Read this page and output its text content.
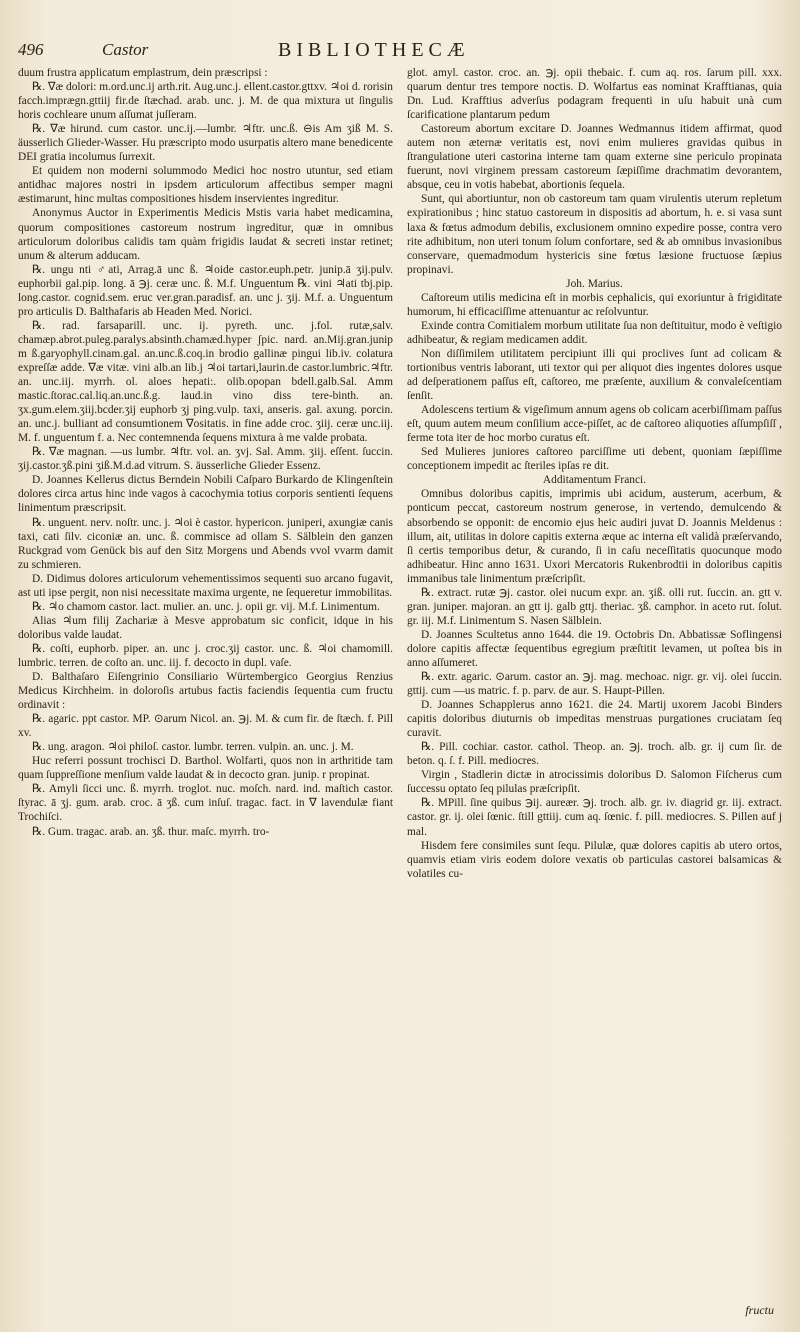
496	Castor	BIBLIOTHECÆ

duum frustra applicatum emplastrum, dein præscripsi :

℞. ∇æ dolori: m.ord.unc.ij arth.rit. Aug.unc.j. ellent.castor.gttxv. ♃oi d. rorisin facch.imprægn.gttiij fir.de ſtæchad. arab. unc. j. M. de qua mixtura ut ſingulis horis cochleare unum aſſumat juſſeram.

℞. ∇æ hirund. cum castor. unc.ij.—lumbr. ♃ftr. unc.ß. ⊖is Am ʒiß M. S. äusserlich Glieder-Wasser. Hu præscripto modo usurpatis altero mane benedicente DEI gratia incolumus ſurrexit.

Et quidem non moderni solummodo Medici hoc nostro utuntur, sed etiam antidhac majores nostri in ipsdem articulorum affectibus semper magni æstimarunt, hinc multas compositiones hisdem inservientes ingreditur.

Anonymus Auctor in Experimentis Medicis Mstis varia habet medicamina, quorum compositiones castoreum nostrum ingreditur, quæ in omnibus articulorum doloribus calidis tam quàm frigidis laudat & secreti instar retinet; unum & alterum adducam.

℞. ungu nti ♂ati, Arrag.ā unc ß. ♃oide castor.euph.petr. junip.ā ʒij.pulv. euphorbii gal.pip. long. ā ℈j. ceræ unc. ß. M.f. Unguentum ℞. vini ♃ati tbj.pip. long.castor. cognid.sem. eruc ver.gran.paradisf. an. unc j. ʒij. M.f. a. Unguentum pro articulis D. Balthafaris ab Headen Med. Norici.

℞. rad. farsaparill. unc. ij. pyreth. unc. j.fol. rutæ,salv. chamæp.abrot.puleg.paralys.absinth.chamæd.hyper ʃpic. nard. an.Mij.gran.junip m ß.garyophyll.cinam.gal. an.unc.ß.coq.in brodio gallinæ pingui lib.iv. colatura expreſſæ adde. ∇æ vitæ. vini alb.an lib.j ♃oi tartari,laurin.de castor.lumbric.♃ftr. an. unc.iij. myrrh. ol. aloes hepati:. olib.opopan bdell.galb.Sal. Amm mastic.ſtorac.cal.liq.an.unc.ß.g. laud.in vino diss tere-binth. an. ʒx.gum.elem.ʒiij.bcder.ʒij euphorb ʒj ping.vulp. taxi, anseris. gal. axung. porcin. an. unc.j. bulliant ad consumtionem ∇ositatis. in fine adde croc. ʒiij. ceræ unc.iij. M. f. unguentum f. a. Nec contemnenda ſequens mixtura à me valde probata.

℞. ∇æ magnan. —us lumbr. ♃ftr. vol. an. ʒvj. Sal. Amm. ʒiij. eſſent. ſuccin. ʒij.castor.ʒß.pini ʒiß.M.d.ad vitrum. S. äusserliche Glieder Essenz.

D. Joannes Kellerus dictus Berndein Nobili Caſparo Burkardo de Klingenſtein dolores circa artus hinc inde vagos à cacochymia totius corporis sentienti ſequens linimentum præscripsit.

℞. unguent. nerv. noſtr. unc. j. ♃oi è castor. hypericon. juniperi, axungiæ canis taxi, cati ſilv. ciconiæ an. unc. ß. commisce ad ollam S. Sälblein den ganzen Ruckgrad vom Genück bis auf den Sitz Morgens und Abends vvol vvarm damit zu schmieren.

D. Didimus dolores articulorum vehementissimos sequenti suo arcano fugavit, ast uti ipse pergit, non nisi necessitate maxima urgente, ne ſequeretur immobilitas.

℞. ♃o chamom castor. lact. mulier. an. unc. j. opii gr. vij. M.f. Linimentum.

Alias ♃um filij Zachariæ à Mesve approbatum sic conficit, idque in his doloribus valde laudat.

℞. coſti, euphorb. piper. an. unc j. croc.ʒij castor. unc. ß. ♃oi chamomill. lumbric. terren. de coſto an. unc. iij. f. decocto in dupl. vaſe.

D. Balthaſaro Eiſengrinio Consiliario Würtembergico Georgius Renzius Medicus Kirchheim. in doloroſis artubus factis faciendis ſequentia cum fructu ordinavit :

℞. agaric. ppt castor. MP. ⊙arum Nicol. an. ℈j. M. & cum fir. de ſtæch. f. Pill xv.

℞. ung. aragon. ♃oi philoſ. castor. lumbr. terren. vulpin. an. unc. j. M.

Huc referri possunt trochisci D. Barthol. Wolfarti, quos non in arthritide tam quam ſuppreſſione menſium valde laudat & in decocto gran. junip. r propinat.

℞. Amyli ſicci unc. ß. myrrh. troglot. nuc. moſch. nard. ind. maſtich castor. ſtyrac. ā ʒj. gum. arab. croc. ā ʒß. cum inſuſ. tragac. fact. in ∇ lavendulæ fiant Trochiſci.

℞. Gum. tragac. arab. an. ʒß. thur. maſc. myrrh. tro-

glot. amyl. castor. croc. an. ℈j. opii thebaic. f. cum aq. ros. ſarum pill. xxx. quarum dentur tres tempore noctis. D. Wolfartus eas nominat Krafftianas, quia Dn. Lud. Krafftius adverſus podagram frequenti in uſu habuit unà cum ſcarificatione plantarum pedum

Castoreum abortum excitare D. Joannes Wedmannus itidem affirmat, quod autem non æternæ veritatis est, novi enim mulieres gravidas quibus in ſtrangulatione uteri castorina interne tam quam externe sine periculo propinata fuerunt, novi virginem pressam castoreum ſæpiſſime drachmatim devorantem, absque, ceu in votis habebat, abortionis ſequela.

Sunt, qui abortiuntur, non ob castoreum tam quam virulentis uterum repletum expirationibus ; hinc statuo castoreum in dispositis ad abortum, h. e. si vasa sunt laxa & fœtus admodum debilis, exclusionem omnino expedire posse, contra vero rite adhibitum, non uteri tonum ſolum confortare, sed & ab omnibus invasionibus conservare, quemadmodum hystericis sine fœtus læsione fructuose ſæpius propinavi.

Joh. Marius.

Caſtoreum utilis medicina eſt in morbis cephalicis, qui exoriuntur à frigiditate humorum, hi efficaciſſime attenuantur ac reſolvuntur.

Exinde contra Comitialem morbum utilitate ſua non deſtituitur, modo è veſtigio adhibeatur, & regiam medicamen addit.

Non diſſimilem utilitatem percipiunt illi qui proclives ſunt ad colicam & tortionibus ventris laborant, uti textor qui per aliquot dies ingentes dolores usque ad deſperationem paſſus eſt, caſtoreo, me præſente, auxilium & convaleſcentiam ſenſit.

Adolescens tertium & vigeſimum annum agens ob colicam acerbiſſimam paſſus eſt, quum autem meum conſilium acce-piſſet, ac de caſtoreo aliquoties aſſumpſiſſ , ferme tota iter de hoc morbo curatus eſt.

Sed Mulieres juniores caſtoreo parciſſime uti debent, quoniam ſæpiſſime conceptionem impedit ac ſteriles ipſas re dit.

Additamentum Franci.

Omnibus doloribus capitis, imprimis ubi acidum, austerum, acerbum, & ponticum peccat, castoreum nostrum generose, in vertendo, demulcendo & absorbendo se opponit: de encomio ejus heic audiri juvat D. Joannis Meldenus : illum, ait, utilitas in dolore capitis externa æque ac interna eſt validà præſervando, ſi certis temporibus detur, & curando, ſi in caſu neceſſitatis quocunque modo adhibeatur. Hinc anno 1631. Uxori Mercatoris Rukenbrodtii in doloribus capitis immanibus tale linimentum præſcripſit.

℞. extract. rutæ ℈j. castor. olei nucum expr. an. ʒiß. olli rut. ſuccin. an. gtt v. gran. juniper. majoran. an gtt ij. galb gttj. theriac. ʒß. camphor. in aceto rut. ſolut. gr. iij. M.f. Linimentum S. Nasen Sälblein.

D. Joannes Scultetus anno 1644. die 19. Octobris Dn. Abbatissæ Soflingensi dolore capitis affectæ ſequentibus egregium præſtitit levamen, ut poſtea bis in anno aſſumeret.

℞. extr. agaric. ⊙arum. castor an. ℈j. mag. mechoac. nigr. gr. vij. olei ſuccin. gttij. cum —us matric. f. p. parv. de aur. S. Haupt-Pillen.

D. Joannes Schapplerus anno 1621. die 24. Martij uxorem Jacobi Binders capitis doloribus diuturnis ob impeditas menstruas purgationes cruciatam ſeq curavit.

℞. Pill. cochiar. castor. cathol. Theop. an. ℈j. troch. alb. gr. ij cum ſir. de beton. q. ſ. f. Pill. mediocres.

Virgin , Stadlerin dictæ in atrocissimis doloribus D. Salomon Fiſcherus cum ſuccessu optato ſeq pilulas præſcripſit.

℞. MPill. ſine quibus ℈ij. aureær. ℈j. troch. alb. gr. iv. diagrid gr. iij. extract. castor. gr. ij. olei ſœnic. ſtill gttiij. cum aq. ſœnic. f. pill. mediocres. S. Pillen auf j mal.

Hisdem fere consimiles sunt ſequ. Pilulæ, quæ dolores capitis ab utero ortos, quamvis etiam viris eodem dolore vexatis ob particulas castorei balsamicas & volatiles cu-

fructu
